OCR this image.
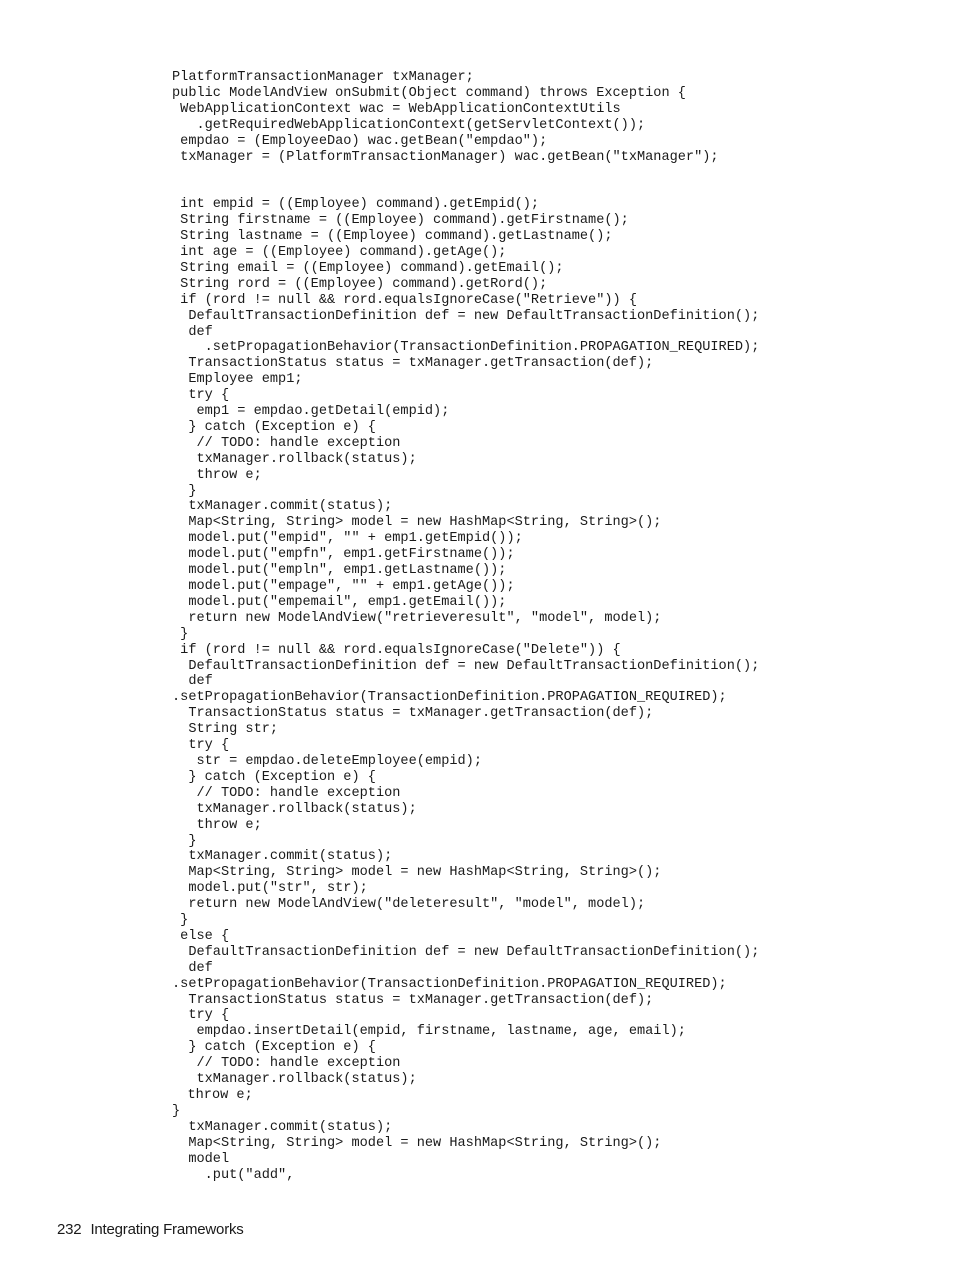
PlatformTransactionManager txManager;
public ModelAndView onSubmit(Object command) throws Exception {
WebApplicationContext wac = WebApplicationContextUtils
.getRequiredWebApplicationContext(getServletContext());
empdao = (EmployeeDao) wac.getBean("empdao");
txManager = (PlatformTransactionManager) wac.getBean("txManager");
int empid = ((Employee) command).getEmpid();
String firstname = ((Employee) command).getFirstname();
String lastname = ((Employee) command).getLastname();
int age = ((Employee) command).getAge();
String email = ((Employee) command).getEmail();
String rord = ((Employee) command).getRord();
if (rord != null && rord.equalsIgnoreCase("Retrieve")) {
DefaultTransactionDefinition def = new DefaultTransactionDefinition();
def
.setPropagationBehavior(TransactionDefinition.PROPAGATION_REQUIRED);
TransactionStatus status = txManager.getTransaction(def);
Employee emp1;
try {
emp1 = empdao.getDetail(empid);
} catch (Exception e) {
// TODO: handle exception
txManager.rollback(status);
throw e;
}
txManager.commit(status);
Map<String, String> model = new HashMap<String, String>();
model.put("empid", "" + emp1.getEmpid());
model.put("empfn", emp1.getFirstname());
model.put("empln", emp1.getLastname());
model.put("empage", "" + emp1.getAge());
model.put("empemail", emp1.getEmail());
return new ModelAndView("retrieveresult", "model", model);
}
if (rord != null && rord.equalsIgnoreCase("Delete")) {
DefaultTransactionDefinition def = new DefaultTransactionDefinition();
def
.setPropagationBehavior(TransactionDefinition.PROPAGATION_REQUIRED);
TransactionStatus status = txManager.getTransaction(def);
String str;
try {
str = empdao.deleteEmployee(empid);
} catch (Exception e) {
// TODO: handle exception
txManager.rollback(status);
throw e;
}
txManager.commit(status);
Map<String, String> model = new HashMap<String, String>();
model.put("str", str);
return new ModelAndView("deleteresult", "model", model);
}
else {
DefaultTransactionDefinition def = new DefaultTransactionDefinition();
def
.setPropagationBehavior(TransactionDefinition.PROPAGATION_REQUIRED);
TransactionStatus status = txManager.getTransaction(def);
try {
empdao.insertDetail(empid, firstname, lastname, age, email);
} catch (Exception e) {
// TODO: handle exception
txManager.rollback(status);
throw e;
}
txManager.commit(status);
Map<String, String> model = new HashMap<String, String>();
model
.put("add",
232 Integrating Frameworks
